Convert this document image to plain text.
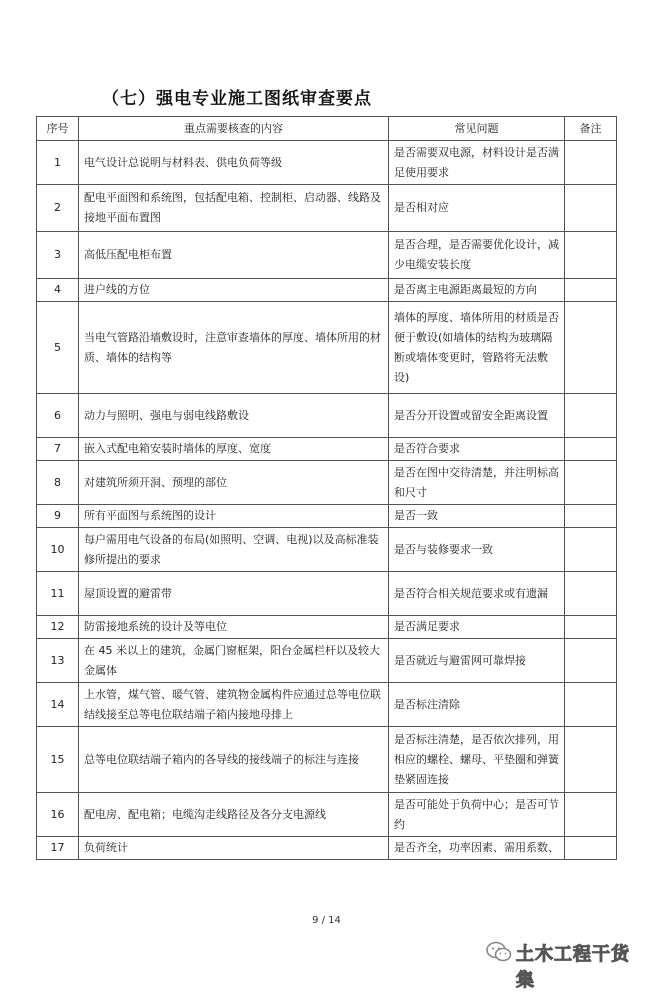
（七）强电专业施工图纸审查要点
序号	重点需要核查的内容	常见问题	备注
1	电气设计总说明与材料表、供电负荷等级	是否需要双电源，材料设计是否满足使用要求	
2	配电平面图和系统图，包括配电箱、控制柜、启动器、线路及接地平面布置图	是否相对应	
3	高低压配电柜布置	是否合理，是否需要优化设计，减少电缆安装长度	
4	进户线的方位	是否离主电源距离最短的方向	
5	当电气管路沿墙敷设时，注意审查墙体的厚度、墙体所用的材质、墙体的结构等	墙体的厚度、墙体所用的材质是否便于敷设(如墙体的结构为玻璃隔断或墙体变更时，管路将无法敷设)	
6	动力与照明、强电与弱电线路敷设	是否分开设置或留安全距离设置	
7	嵌入式配电箱安装时墙体的厚度、宽度	是否符合要求	
8	对建筑所须开洞、预埋的部位	是否在图中交待清楚，并注明标高和尺寸	
9	所有平面图与系统图的设计	是否一致	
10	每户需用电气设备的布局(如照明、空调、电视)以及高标准装修所提出的要求	是否与装修要求一致	
11	屋顶设置的避雷带	是否符合相关规范要求或有遗漏	
12	防雷接地系统的设计及等电位	是否满足要求	
13	在 45 米以上的建筑，金属门窗框架，阳台金属栏杆以及较大金属体	是否就近与避雷网可靠焊接	
14	上水管，煤气管、暖气管、建筑物金属构件应通过总等电位联结线接至总等电位联结端子箱内接地母排上	是否标注清除	
15	总等电位联结端子箱内的各导线的接线端子的标注与连接	是否标注清楚，是否依次排列，用相应的螺栓、螺母、平垫圈和弹簧垫紧固连接	
16	配电房、配电箱；电缆沟走线路径及各分支电源线	是否可能处于负荷中心；是否可节约	
17	负荷统计	是否齐全，功率因素、需用系数、	
9 / 14
土木工程干货集
